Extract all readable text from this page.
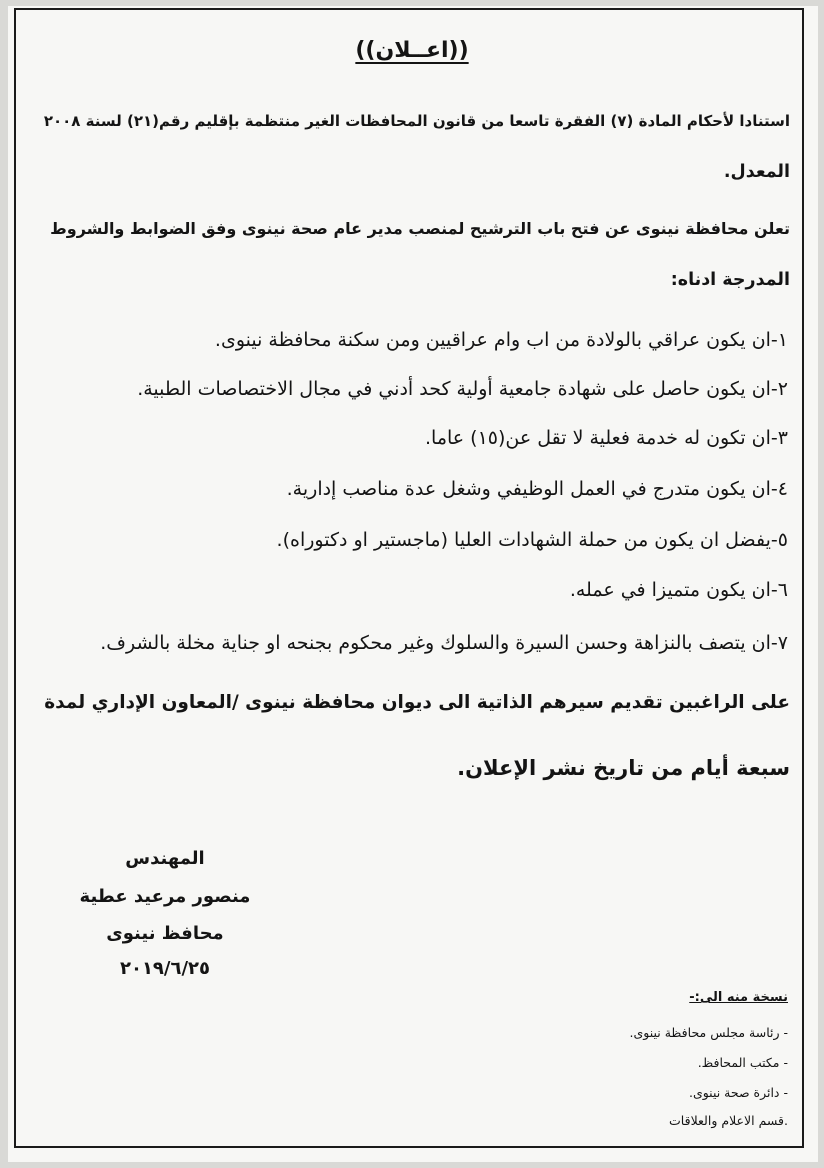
((اعــلان))
استنادا لأحكام المادة (٧) الفقرة تاسعا من قانون المحافظات الغير منتظمة بإقليم رقم(٢١) لسنة ٢٠٠٨
المعدل.
تعلن محافظة نينوى عن فتح باب الترشيح لمنصب مدير عام صحة نينوى وفق الضوابط والشروط
المدرجة ادناه:
١-ان يكون عراقي بالولادة من اب وام عراقيين ومن سكنة محافظة نينوى.
٢-ان يكون حاصل على شهادة جامعية أولية كحد أدني في مجال الاختصاصات الطبية.
٣-ان تكون له خدمة فعلية لا تقل عن(١٥) عاما.
٤-ان يكون متدرج في العمل الوظيفي وشغل عدة مناصب إدارية.
٥-يفضل ان يكون من حملة الشهادات العليا (ماجستير او دكتوراه).
٦-ان يكون متميزا في عمله.
٧-ان يتصف بالنزاهة وحسن السيرة والسلوك وغير محكوم بجنحه او جناية مخلة بالشرف.
على الراغبين تقديم سيرهم الذاتية الى ديوان محافظة نينوى /المعاون الإداري لمدة
سبعة أيام من تاريخ نشر الإعلان.
المهندس
منصور مرعيد عطية
محافظ نينوى
٢٠١٩/٦/٢٥
نسخة منه الى:-
- رئاسة مجلس محافظة نينوى.
- مكتب المحافظ.
- دائرة صحة نينوى.
.قسم الاعلام والعلاقات
